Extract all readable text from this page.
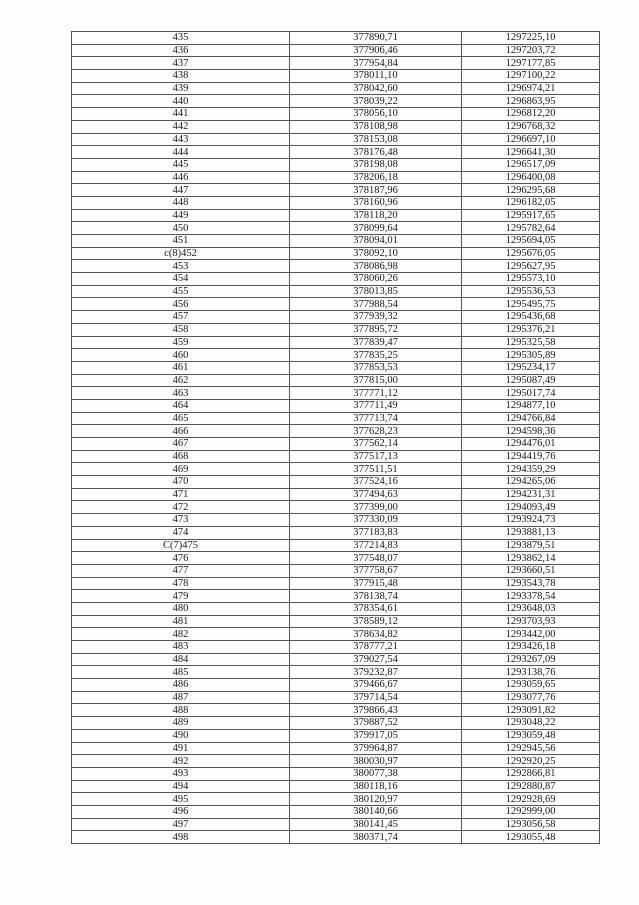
435	377890,71	1297225,10
436	377906,46	1297203,72
437	377954,84	1297177,85
438	378011,10	1297100,22
439	378042,60	1296974,21
440	378039,22	1296863,95
441	378056,10	1296812,20
442	378108,98	1296768,32
443	378153,08	1296697,10
444	378176,48	1296641,30
445	378198,08	1296517,09
446	378206,18	1296400,08
447	378187,96	1296295,68
448	378160,96	1296182,05
449	378118,20	1295917,65
450	378099,64	1295782,64
451	378094,01	1295694,05
c(8)452	378092,10	1295676,05
453	378086,98	1295627,95
454	378060,26	1295573,10
455	378013,85	1295536,53
456	377988,54	1295495,75
457	377939,32	1295436,68
458	377895,72	1295376,21
459	377839,47	1295325,58
460	377835,25	1295305,89
461	377853,53	1295234,17
462	377815,00	1295087,49
463	377771,12	1295017,74
464	377711,49	1294877,10
465	377713,74	1294766,84
466	377628,23	1294598,36
467	377562,14	1294476,01
468	377517,13	1294419,76
469	377511,51	1294359,29
470	377524,16	1294265,06
471	377494,63	1294231,31
472	377399,00	1294093,49
473	377330,09	1293924,73
474	377183,83	1293881,13
C(7)475	377214,83	1293879,51
476	377548,07	1293862,14
477	377758,67	1293660,51
478	377915,48	1293543,78
479	378138,74	1293378,54
480	378354,61	1293648,03
481	378589,12	1293703,93
482	378634,82	1293442,00
483	378777,21	1293426,18
484	379027,54	1293267,09
485	379232,87	1293138,76
486	379466,67	1293059,65
487	379714,54	1293077,76
488	379866,43	1293091,82
489	379887,52	1293048,22
490	379917,05	1293059,48
491	379964,87	1292945,56
492	380030,97	1292920,25
493	380077,38	1292866,81
494	380118,16	1292880,87
495	380120,97	1292928,69
496	380140,66	1292999,00
497	380141,45	1293056,58
498	380371,74	1293055,48
